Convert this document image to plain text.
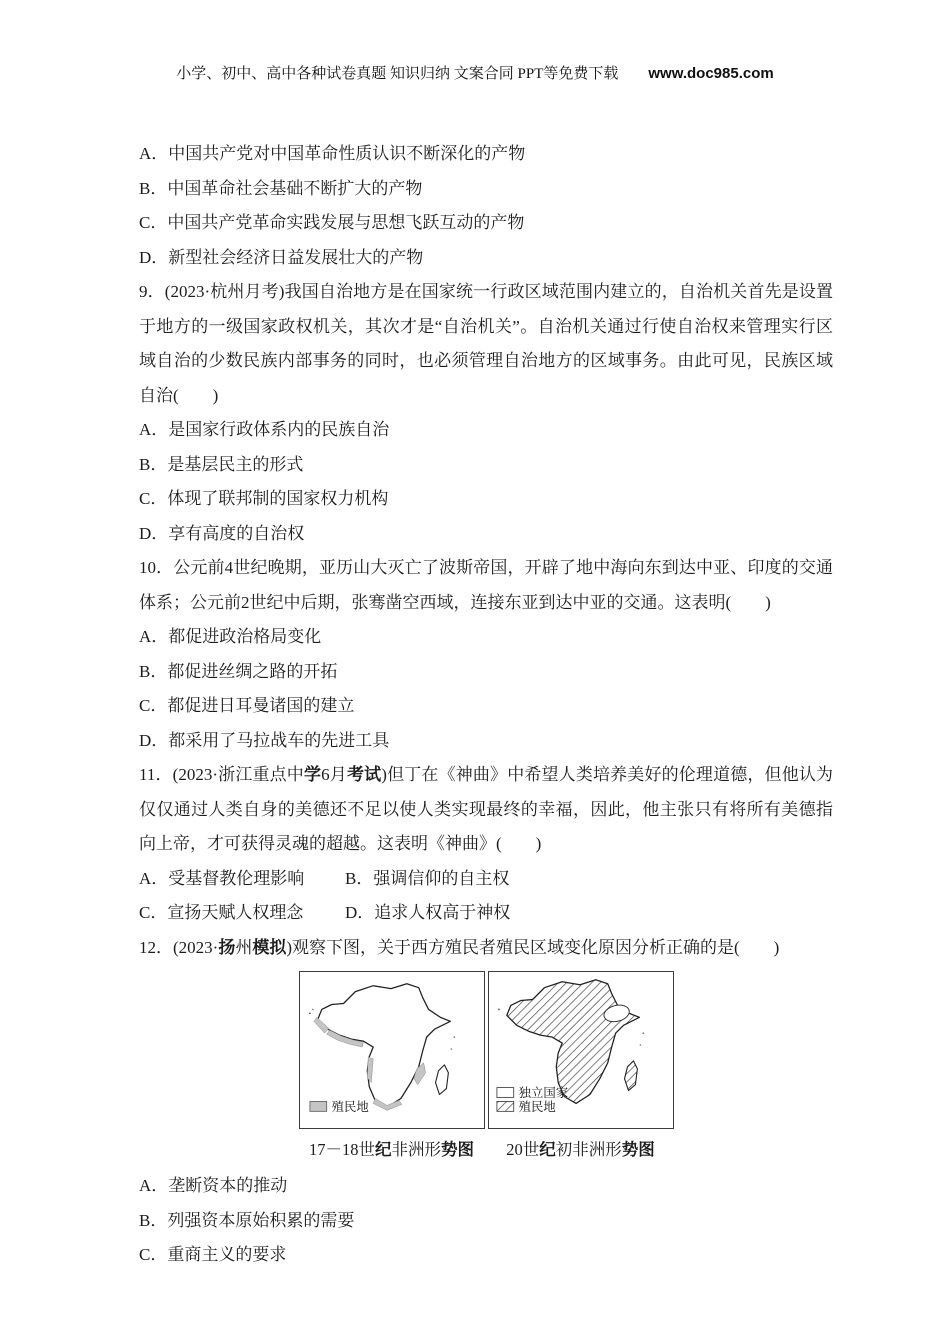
小学、初中、高中各种试卷真题 知识归纳 文案合同 PPT等免费下载 www.doc985.com
A．中国共产党对中国革命性质认识不断深化的产物
B．中国革命社会基础不断扩大的产物
C．中国共产党革命实践发展与思想飞跃互动的产物
D．新型社会经济日益发展壮大的产物

9．(2023·杭州月考)我国自治地方是在国家统一行政区域范围内建立的，自治机关首先是设置于地方的一级国家政权机关，其次才是“自治机关”。自治机关通过行使自治权来管理实行区域自治的少数民族内部事务的同时，也必须管理自治地方的区域事务。由此可见，民族区域自治(　　)

A．是国家行政体系内的民族自治
B．是基层民主的形式
C．体现了联邦制的国家权力机构
D．享有高度的自治权

10．公元前4世纪晚期，亚历山大灭亡了波斯帝国，开辟了地中海向东到达中亚、印度的交通体系；公元前2世纪中后期，张骞凿空西域，连接东亚到达中亚的交通。这表明(　　)

A．都促进政治格局变化
B．都促进丝绸之路的开拓
C．都促进日耳曼诸国的建立
D．都采用了马拉战车的先进工具

11．(2023·浙江重点中学6月考试)但丁在《神曲》中希望人类培养美好的伦理道德，但他认为仅仅通过人类自身的美德还不足以使人类实现最终的幸福，因此，他主张只有将所有美德指向上帝，才可获得灵魂的超越。这表明《神曲》(　　)

A．受基督教伦理影响	B．强调信仰的自主权
C．宣扬天赋人权理念	D．追求人权高于神权

12．(2023·扬州模拟)观察下图，关于西方殖民者殖民区域变化原因分析正确的是(　　)

殖民地
独立国家
殖民地
17－18世纪非洲形势图	20世纪初非洲形势图
A．垄断资本的推动
B．列强资本原始积累的需要
C．重商主义的要求
